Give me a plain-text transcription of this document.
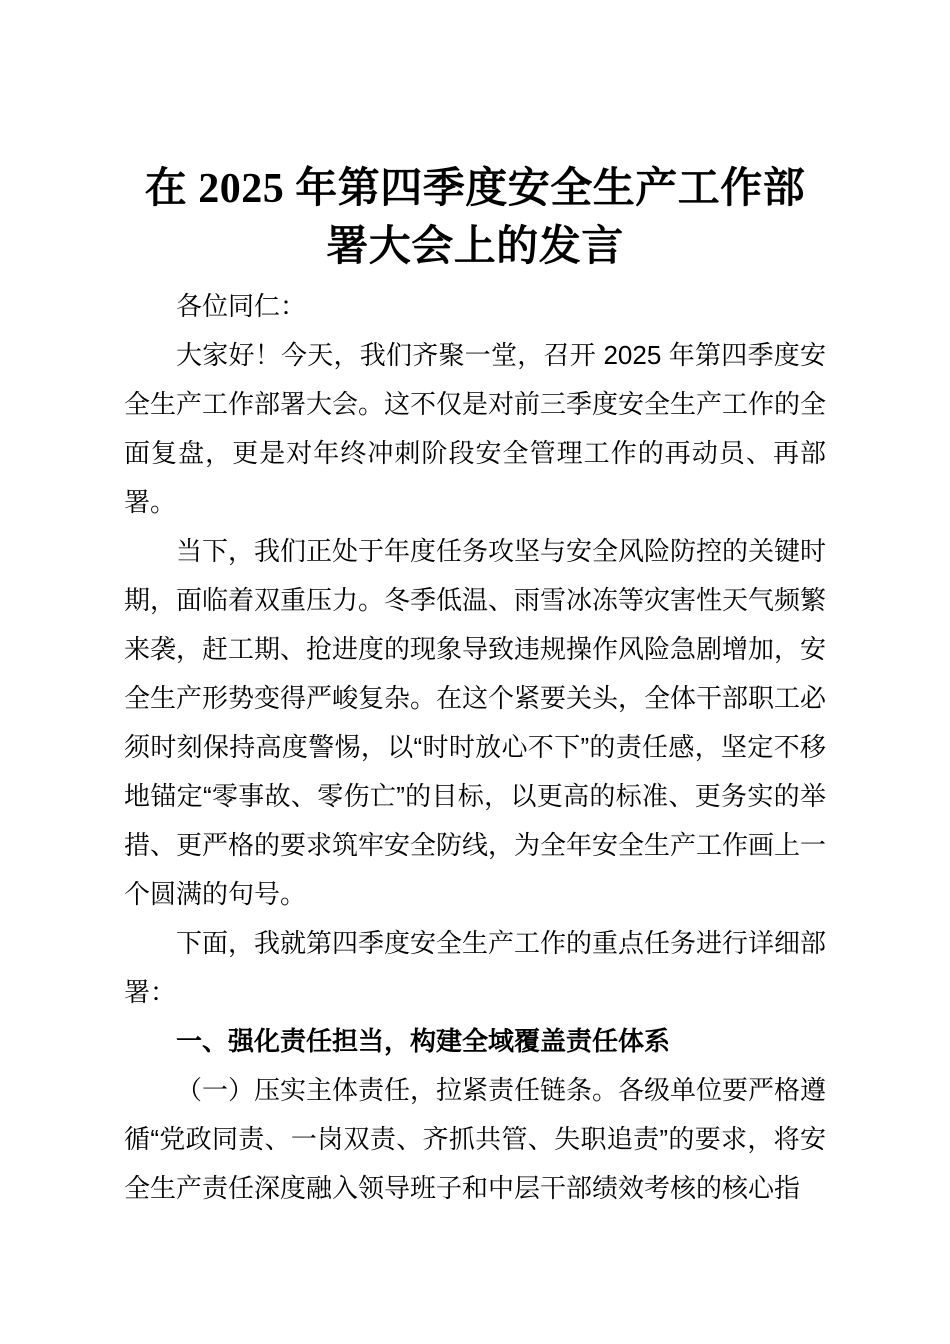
在 2025 年第四季度安全生产工作部署大会上的发言

各位同仁：

大家好！今天，我们齐聚一堂，召开 2025 年第四季度安全生产工作部署大会。这不仅是对前三季度安全生产工作的全面复盘，更是对年终冲刺阶段安全管理工作的再动员、再部署。

当下，我们正处于年度任务攻坚与安全风险防控的关键时期，面临着双重压力。冬季低温、雨雪冰冻等灾害性天气频繁来袭，赶工期、抢进度的现象导致违规操作风险急剧增加，安全生产形势变得严峻复杂。在这个紧要关头，全体干部职工必须时刻保持高度警惕，以“时时放心不下”的责任感，坚定不移地锚定“零事故、零伤亡”的目标，以更高的标准、更务实的举措、更严格的要求筑牢安全防线，为全年安全生产工作画上一个圆满的句号。

下面，我就第四季度安全生产工作的重点任务进行详细部署：

一、强化责任担当，构建全域覆盖责任体系

（一）压实主体责任，拉紧责任链条。各级单位要严格遵循“党政同责、一岗双责、齐抓共管、失职追责”的要求，将安全生产责任深度融入领导班子和中层干部绩效考核的核心指
